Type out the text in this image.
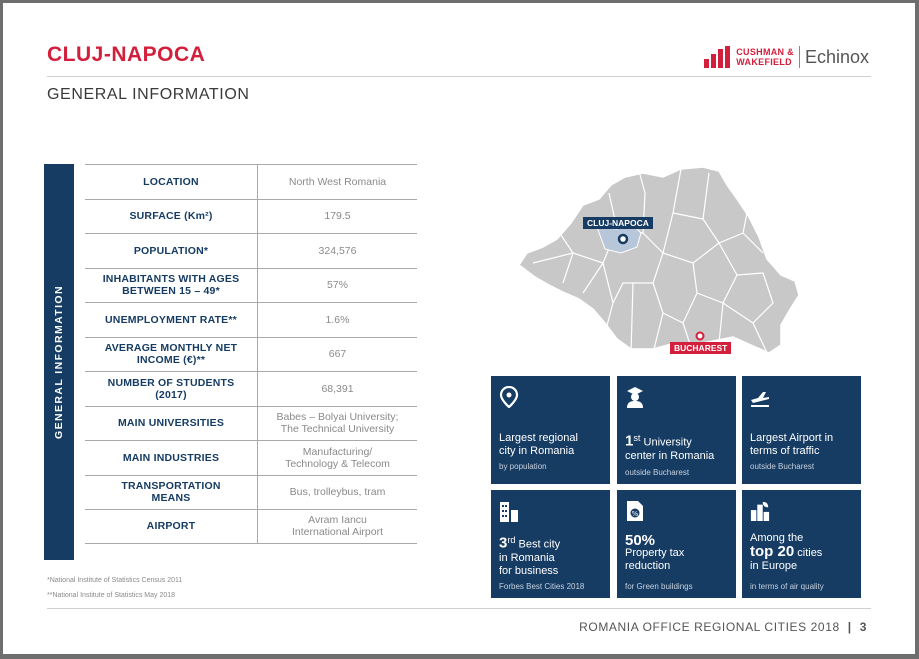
CLUJ-NAPOCA	CUSHMAN &
WAKEFIELD Echinox
GENERAL INFORMATION
GENERAL INFORMATION
LOCATION	North West Romania
SURFACE (Km²)	179.5
POPULATION*	324,576
INHABITANTS WITH AGES
BETWEEN 15 – 49*	57%
UNEMPLOYMENT RATE**	1.6%
AVERAGE MONTHLY NET
INCOME (€)**	667
NUMBER OF STUDENTS
(2017)	68,391
MAIN UNIVERSITIES	Babes – Bolyai University;
The Technical University
MAIN INDUSTRIES	Manufacturing/
Technology & Telecom
TRANSPORTATION
MEANS	Bus, trolleybus, tram
AIRPORT	Avram Iancu
International Airport
*National Institute of Statistics Census 2011
**National Institute of Statistics May 2018
CLUJ-NAPOCA
BUCHAREST
Largest regional
city in Romania
by population
1st University
center in Romania
outside Bucharest
Largest Airport in
terms of traffic
outside Bucharest
3rd Best city
in Romania
for business
Forbes Best Cities 2018
%
50%
Property tax
reduction
for Green buildings
Among the
top 20 cities
in Europe
in terms of air quality
ROMANIA OFFICE REGIONAL CITIES 2018 | 3
